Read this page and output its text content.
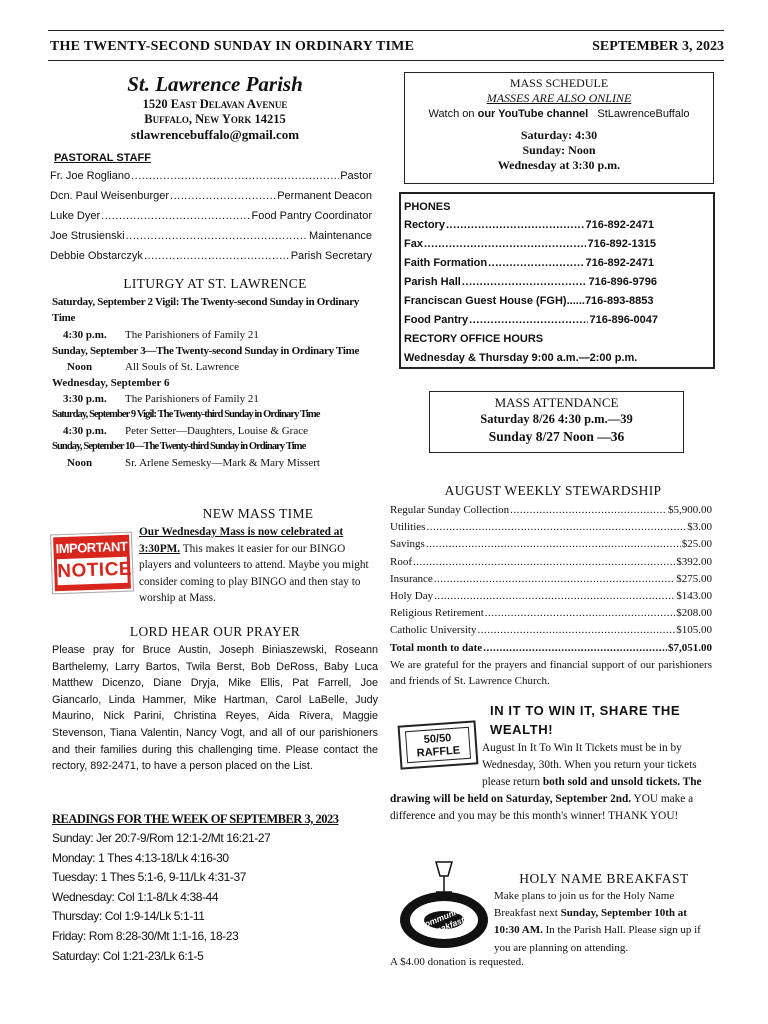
THE TWENTY-SECOND SUNDAY IN ORDINARY TIME	SEPTEMBER 3, 2023
St. Lawrence Parish
1520 East Delavan Avenue
Buffalo, New York 14215
stlawrencebuffalo@gmail.com
PASTORAL STAFF
Fr. Joe Rogliano .....	Pastor
Dcn. Paul Weisenburger .....	Permanent Deacon
Luke Dyer .....	Food Pantry Coordinator
Joe Strusienski .....	Maintenance
Debbie Obstarczyk .....	Parish Secretary
LITURGY AT ST. LAWRENCE
Saturday, September 2 Vigil: The Twenty-second Sunday in Ordinary Time
4:30 p.m. The Parishioners of Family 21
Sunday, September 3—The Twenty-second Sunday in Ordinary Time
Noon	All Souls of St. Lawrence
Wednesday, September 6
3:30 p.m. The Parishioners of Family 21
Saturday, September 9 Vigil: The Twenty-third Sunday in Ordinary Time
4:30 p.m. Peter Setter—Daughters, Louise & Grace
Sunday, September 10—The Twenty-third Sunday in Ordinary Time
Noon	Sr. Arlene Semesky—Mark & Mary Missert
NEW MASS TIME
IMPORTANT
NOTICE
Our Wednesday Mass is now celebrated at 3:30PM. This makes it easier for our BINGO players and volunteers to attend. Maybe you might consider coming to play BINGO and then stay to worship at Mass.
LORD HEAR OUR PRAYER
Please pray for Bruce Austin, Joseph Biniaszewski, Roseann Barthelemy, Larry Bartos, Twila Berst, Bob DeRoss, Baby Luca Matthew Dicenzo, Diane Dryja, Mike Ellis, Pat Farrell, Joe Giancarlo, Linda Hammer, Mike Hartman, Carol LaBelle, Judy Maurino, Nick Parini, Christina Reyes, Aida Rivera, Maggie Stevenson, Tiana Valentin, Nancy Vogt, and all of our parishioners and their families during this challenging time. Please contact the rectory, 892-2471, to have a person placed on the List.
READINGS FOR THE WEEK OF SEPTEMBER 3, 2023
Sunday: Jer 20:7-9/Rom 12:1-2/Mt 16:21-27
Monday: 1 Thes 4:13-18/Lk 4:16-30
Tuesday: 1 Thes 5:1-6, 9-11/Lk 4:31-37
Wednesday: Col 1:1-8/Lk 4:38-44
Thursday: Col 1:9-14/Lk 5:1-11
Friday: Rom 8:28-30/Mt 1:1-16, 18-23
Saturday: Col 1:21-23/Lk 6:1-5
MASS SCHEDULE
MASSES ARE ALSO ONLINE
Watch on our YouTube channel StLawrenceBuffalo
Saturday: 4:30
Sunday: Noon
Wednesday at 3:30 p.m.
PHONES
Rectory .....	716-892-2471
Fax .....	716-892-1315
Faith Formation .....	716-892-2471
Parish Hall .....	716-896-9796
Franciscan Guest House (FGH)......716-893-8853
Food Pantry .....	716-896-0047
RECTORY OFFICE HOURS
Wednesday & Thursday 9:00 a.m.—2:00 p.m.
MASS ATTENDANCE
Saturday 8/26 4:30 p.m.—39
Sunday 8/27 Noon —36
AUGUST WEEKLY STEWARDSHIP
Regular Sunday Collection .....	$5,900.00
Utilities .....	$3.00
Savings .....	$25.00
Roof .....	$392.00
Insurance .....	$275.00
Holy Day .....	$143.00
Religious Retirement .....	$208.00
Catholic University .....	$105.00
Total month to date .....	$7,051.00
We are grateful for the prayers and financial support of our parishioners and friends of St. Lawrence Church.
IN IT TO WIN IT, SHARE THE
WEALTH!
50/50
RAFFLE	August In It To Win It Tickets must be in by Wednesday, 30th. When you return your tickets please return both sold and unsold tickets. The drawing will be held on Saturday, September 2nd. YOU make a difference and you may be this month's winner! THANK YOU!
HOLY NAME BREAKFAST
Communion Breakfast
Make plans to join us for the Holy Name Breakfast next Sunday, September 10th at 10:30 AM. In the Parish Hall. Please sign up if you are planning on attending.
A $4.00 donation is requested.
